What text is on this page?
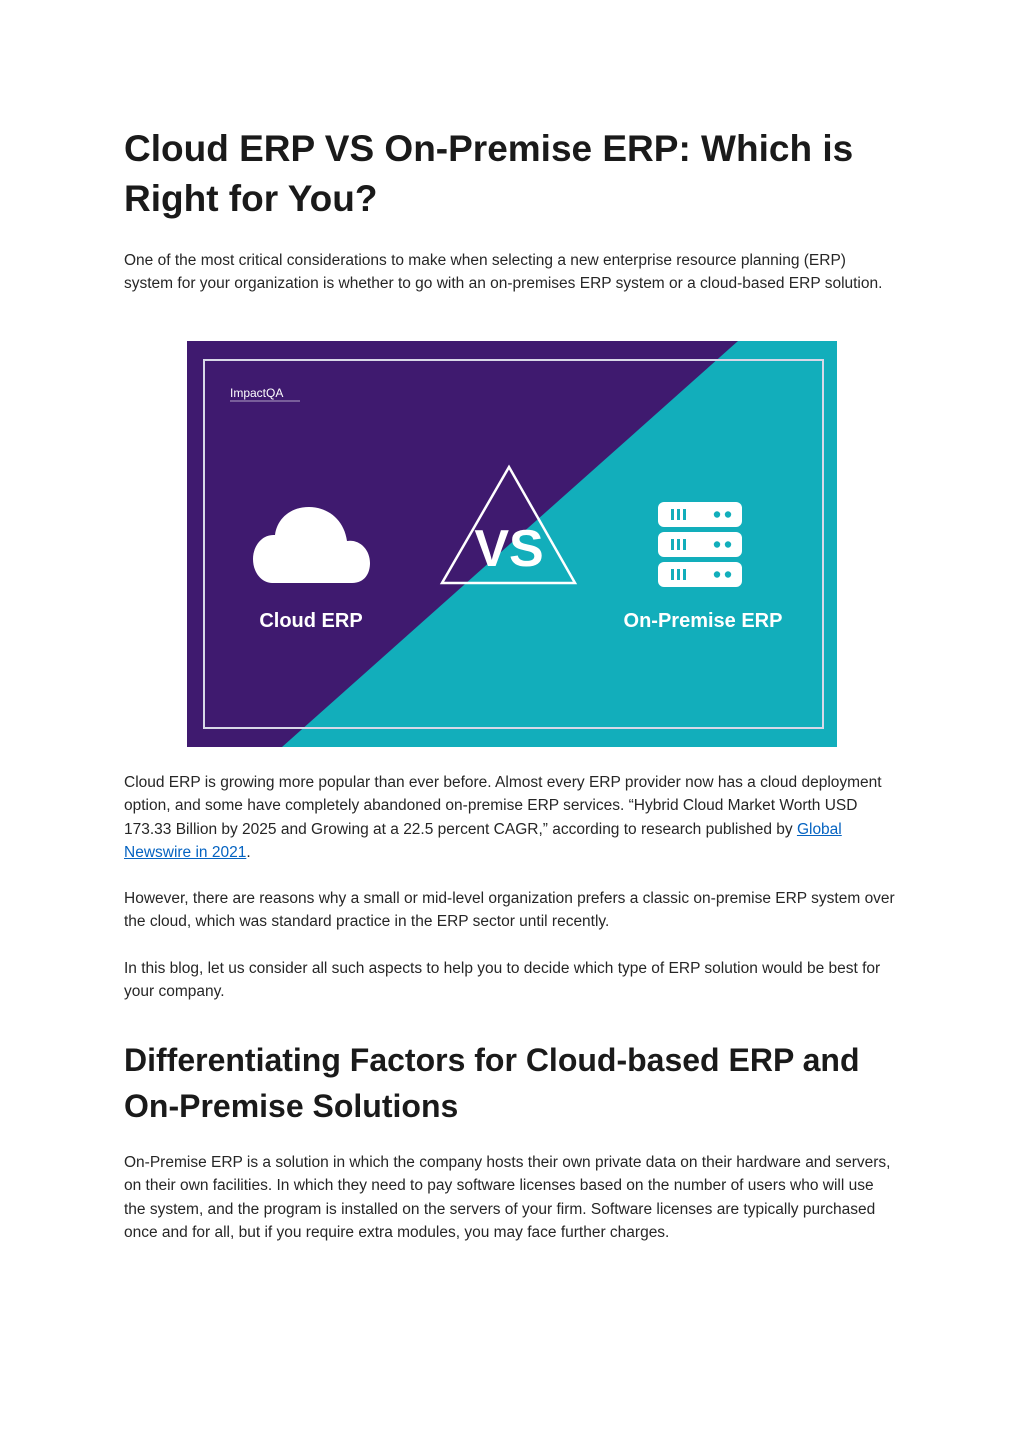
Cloud ERP VS On-Premise ERP: Which is Right for You?

One of the most critical considerations to make when selecting a new enterprise resource planning (ERP) system for your organization is whether to go with an on-premises ERP system or a cloud-based ERP solution.

Cloud ERP is growing more popular than ever before. Almost every ERP provider now has a cloud deployment option, and some have completely abandoned on-premise ERP services. “Hybrid Cloud Market Worth USD 173.33 Billion by 2025 and Growing at a 22.5 percent CAGR,” according to research published by Global Newswire in 2021.

However, there are reasons why a small or mid-level organization prefers a classic on-premise ERP system over the cloud, which was standard practice in the ERP sector until recently.

In this blog, let us consider all such aspects to help you to decide which type of ERP solution would be best for your company.

Differentiating Factors for Cloud-based ERP and On-Premise Solutions

On-Premise ERP is a solution in which the company hosts their own private data on their hardware and servers, on their own facilities. In which they need to pay software licenses based on the number of users who will use the system, and the program is installed on the servers of your firm. Software licenses are typically purchased once and for all, but if you require extra modules, you may face further charges.

ImpactQA
Cloud ERP
VS
On-Premise ERP
